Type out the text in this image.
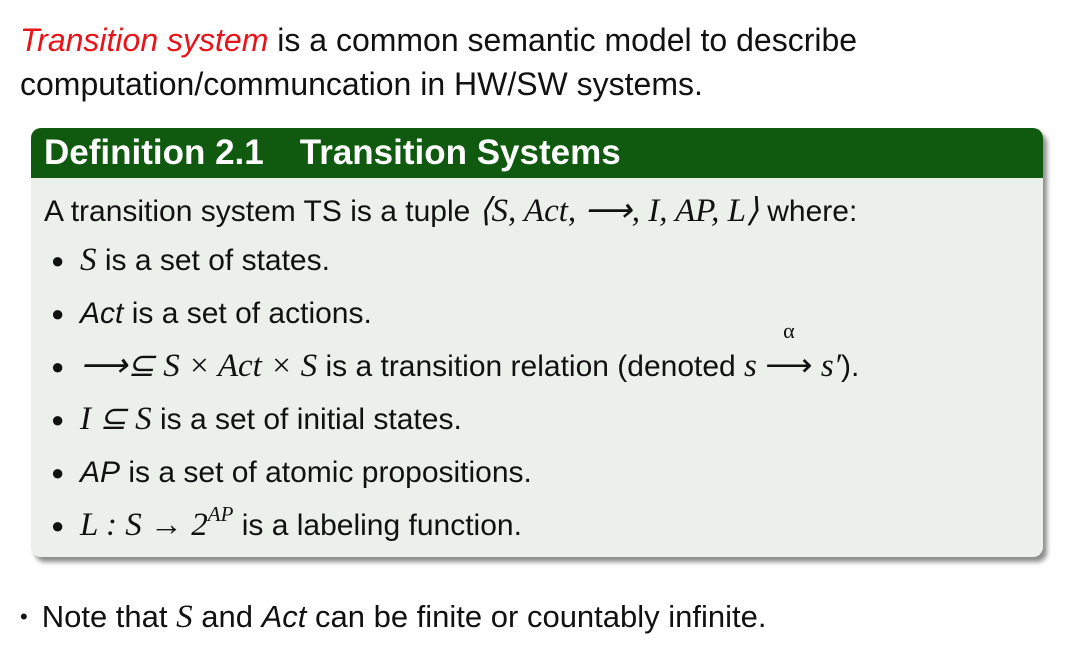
Transition system is a common semantic model to describe computation/communcation in HW/SW systems.

Definition 2.1 Transition Systems
A transition system TS is a tuple ⟨S, Act, ⟶, I, AP, L⟩ where:
● S is a set of states.
● Act is a set of actions.
● ⟶⊆ S × Act × S is a transition relation (denoted s
α
⟶ s′).
● I ⊆ S is a set of initial states.
● AP is a set of atomic propositions.
● L : $S \to 2^{AP}$ is a labeling function.
• Note that S and Act can be finite or countably infinite.
